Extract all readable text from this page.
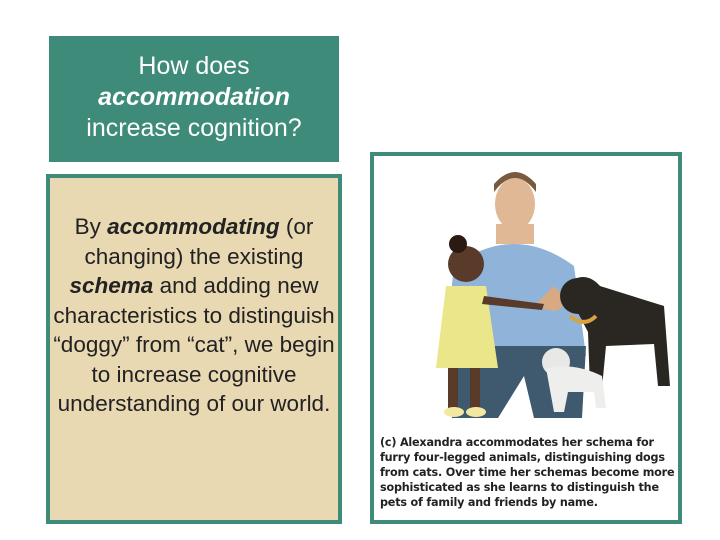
How does
accommodation
increase cognition?
By accommodating (or changing) the existing schema and adding new characteristics to distinguish “doggy” from “cat”, we begin to increase cognitive understanding of our world.
(c) Alexandra accommodates her schema for furry four-legged animals, distinguishing dogs from cats. Over time her schemas become more sophisticated as she learns to distinguish the pets of family and friends by name.
